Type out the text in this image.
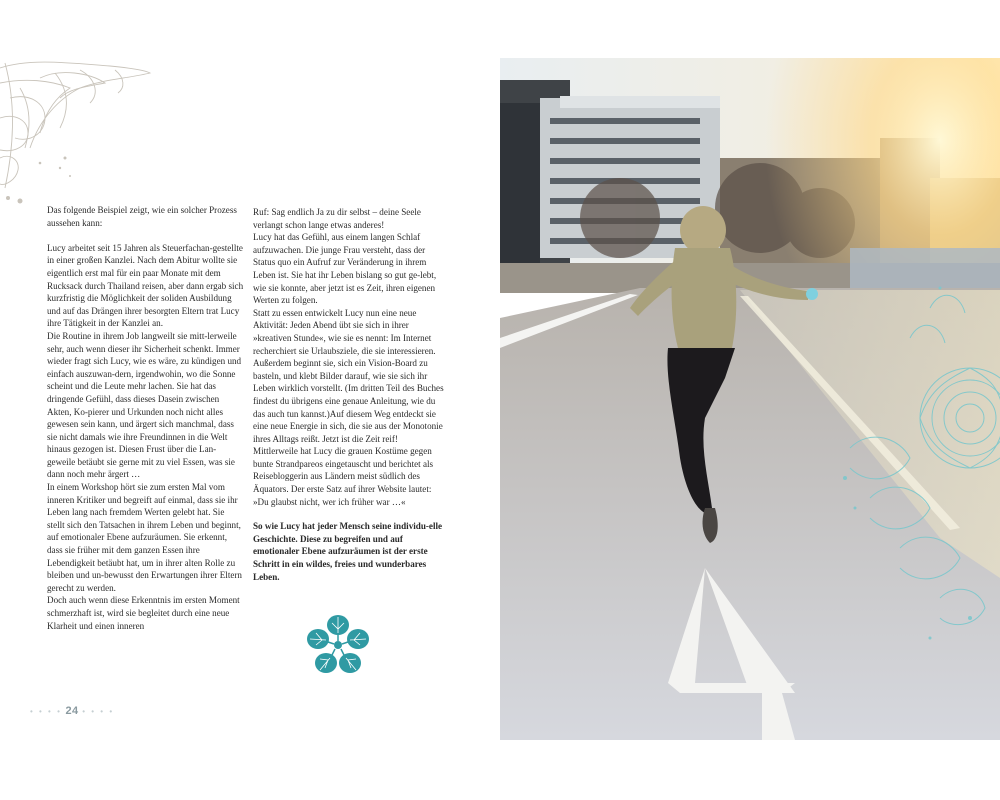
Das folgende Beispiel zeigt, wie ein solcher Prozess aussehen kann:

Lucy arbeitet seit 15 Jahren als Steuerfachan-gestellte in einer großen Kanzlei. Nach dem Abitur wollte sie eigentlich erst mal für ein paar Monate mit dem Rucksack durch Thailand reisen, aber dann ergab sich kurzfristig die Möglichkeit der soliden Ausbildung und auf das Drängen ihrer besorgten Eltern trat Lucy ihre Tätigkeit in der Kanzlei an.

Die Routine in ihrem Job langweilt sie mitt-lerweile sehr, auch wenn dieser ihr Sicherheit schenkt. Immer wieder fragt sich Lucy, wie es wäre, zu kündigen und einfach auszuwan-dern, irgendwohin, wo die Sonne scheint und die Leute mehr lachen. Sie hat das dringende Gefühl, dass dieses Dasein zwischen Akten, Ko-pierer und Urkunden noch nicht alles gewesen sein kann, und ärgert sich manchmal, dass sie nicht damals wie ihre Freundinnen in die Welt hinaus gezogen ist. Diesen Frust über die Lan-geweile betäubt sie gerne mit zu viel Essen, was sie dann noch mehr ärgert …

In einem Workshop hört sie zum ersten Mal vom inneren Kritiker und begreift auf einmal, dass sie ihr Leben lang nach fremdem Werten gelebt hat. Sie stellt sich den Tatsachen in ihrem Leben und beginnt, auf emotionaler Ebene aufzuräumen. Sie erkennt, dass sie früher mit dem ganzen Essen ihre Lebendigkeit betäubt hat, um in ihrer alten Rolle zu bleiben und un-bewusst den Erwartungen ihrer Eltern gerecht zu werden.

Doch auch wenn diese Erkenntnis im ersten Moment schmerzhaft ist, wird sie begleitet durch eine neue Klarheit und einen inneren

Ruf: Sag endlich Ja zu dir selbst – deine Seele verlangt schon lange etwas anderes!

Lucy hat das Gefühl, aus einem langen Schlaf aufzuwachen. Die junge Frau versteht, dass der Status quo ein Aufruf zur Veränderung in ihrem Leben ist. Sie hat ihr Leben bislang so gut ge-lebt, wie sie konnte, aber jetzt ist es Zeit, ihren eigenen Werten zu folgen.

Statt zu essen entwickelt Lucy nun eine neue Aktivität: Jeden Abend übt sie sich in ihrer »kreativen Stunde«, wie sie es nennt: Im Internet recherchiert sie Urlaubsziele, die sie interessieren. Außerdem beginnt sie, sich ein Vision-Board zu basteln, und klebt Bilder darauf, wie sie sich ihr Leben wirklich vorstellt. (Im dritten Teil des Buches findest du übrigens eine genaue Anleitung, wie du das auch tun kannst.)Auf diesem Weg entdeckt sie eine neue Energie in sich, die sie aus der Monotonie ihres Alltags reißt. Jetzt ist die Zeit reif!

Mittlerweile hat Lucy die grauen Kostüme gegen bunte Strandpareos eingetauscht und berichtet als Reisebloggerin aus Ländern meist südlich des Äquators. Der erste Satz auf ihrer Website lautet: »Du glaubst nicht, wer ich früher war …«

So wie Lucy hat jeder Mensch seine individu-elle Geschichte. Diese zu begreifen und auf emotionaler Ebene aufzuräumen ist der erste Schritt in ein wildes, freies und wunderbares Leben.

• • • • 24 • • • •
